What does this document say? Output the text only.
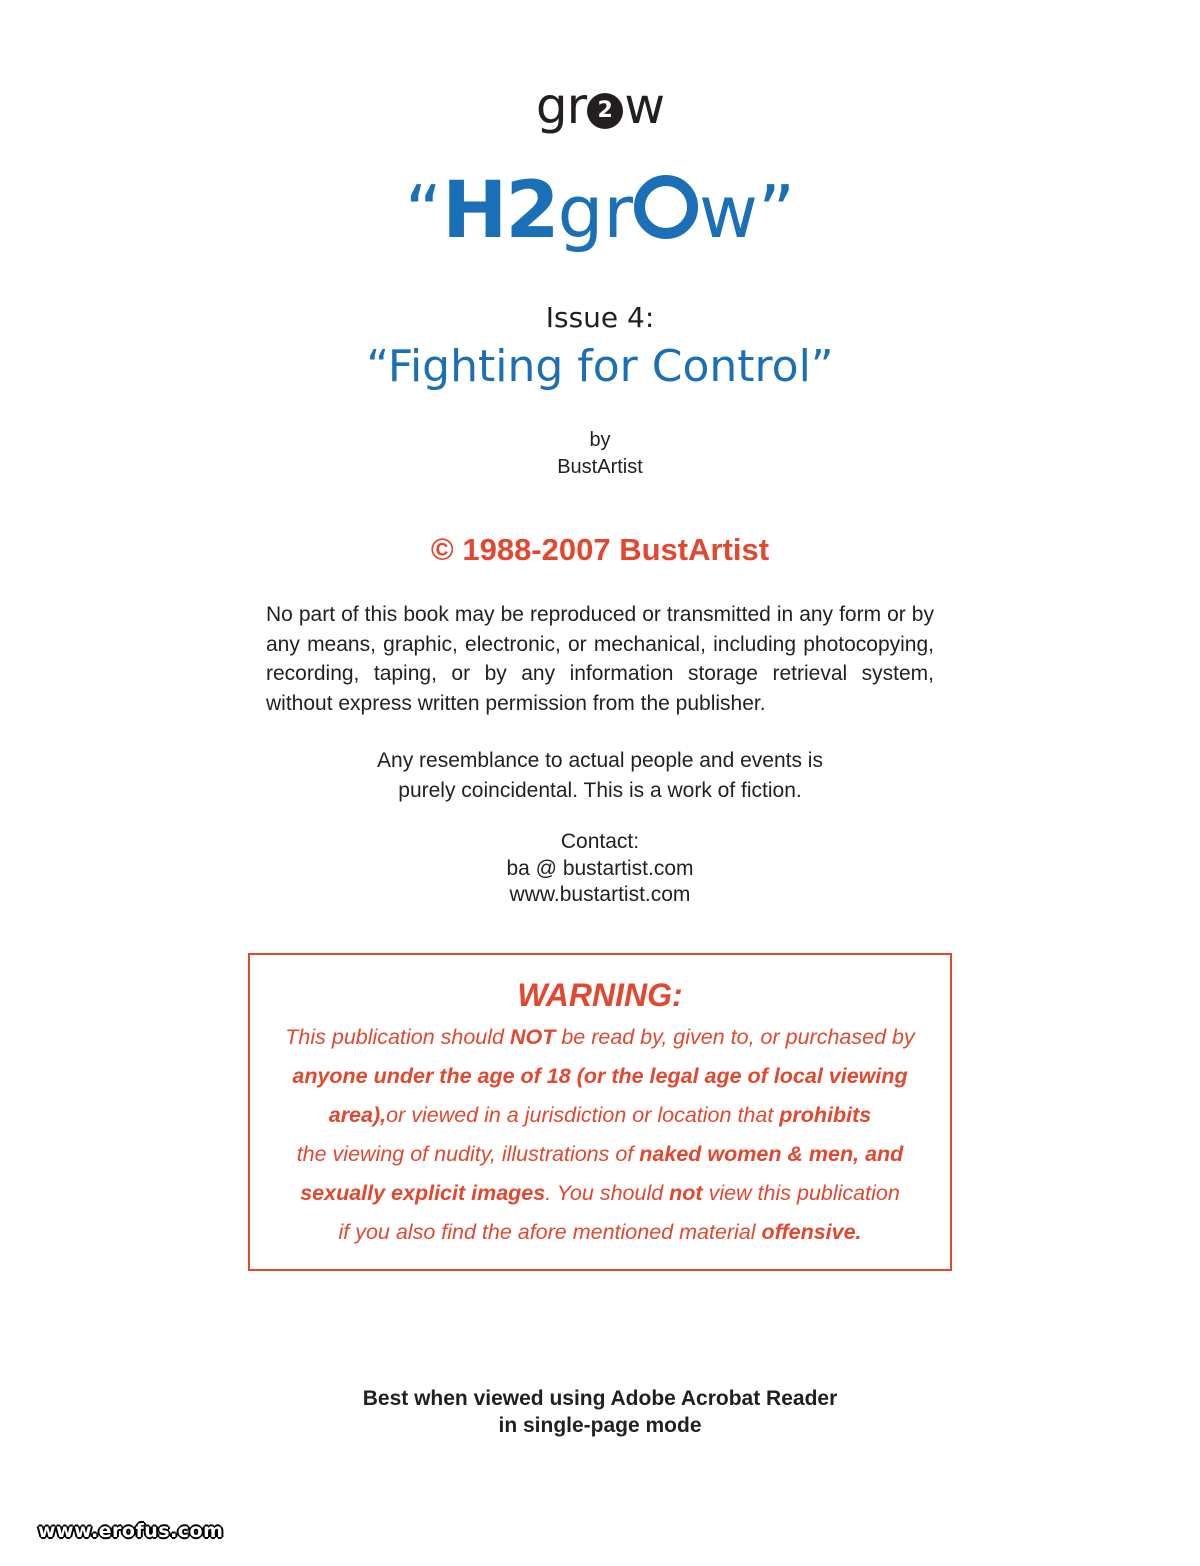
gr 2 w
“H2gr w”
Issue 4:
“Fighting for Control”
by
BustArtist
© 1988-2007 BustArtist

No part of this book may be reproduced or transmitted in any form or by any means, graphic, electronic, or mechanical, including photocopying, recording, taping, or by any information storage retrieval system, without express written permission from the publisher.

Any resemblance to actual people and events is
purely coincidental. This is a work of fiction.
Contact:
ba @ bustartist.com
www.bustartist.com
WARNING:
This publication should NOT be read by, given to, or purchased by
anyone under the age of 18 (or the legal age of local viewing
area),or viewed in a jurisdiction or location that prohibits
the viewing of nudity, illustrations of naked women & men, and
sexually explicit images. You should not view this publication
if you also find the afore mentioned material offensive.
Best when viewed using Adobe Acrobat Reader
in single-page mode
www.erofus.com
